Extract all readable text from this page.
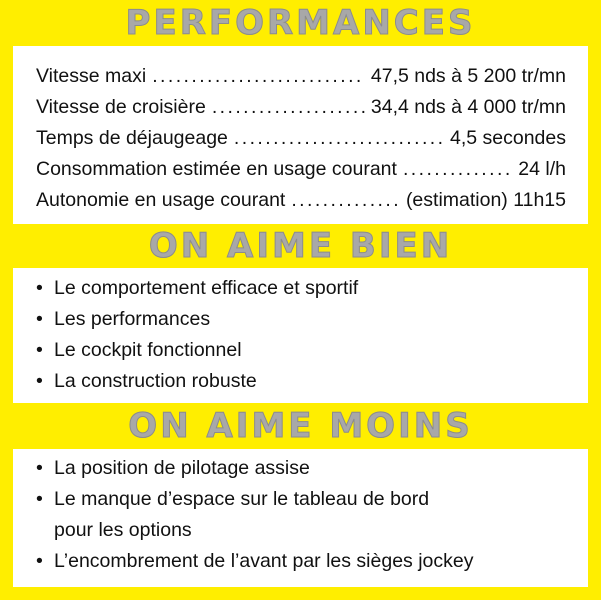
PERFORMANCES
Vitesse maxi . . .	47,5 nds à 5 200 tr/mn
Vitesse de croisière . . .	34,4 nds à 4 000 tr/mn
Temps de déjaugeage . . .	4,5 secondes
Consommation estimée en usage courant . . .	24 l/h
Autonomie en usage courant . . .	(estimation) 11h15
ON AIME BIEN
• Le comportement efficace et sportif
• Les performances
• Le cockpit fonctionnel
• La construction robuste
ON AIME MOINS
• La position de pilotage assise
• Le manque d’espace sur le tableau de bord
pour les options
• L’encombrement de l’avant par les sièges jockey
